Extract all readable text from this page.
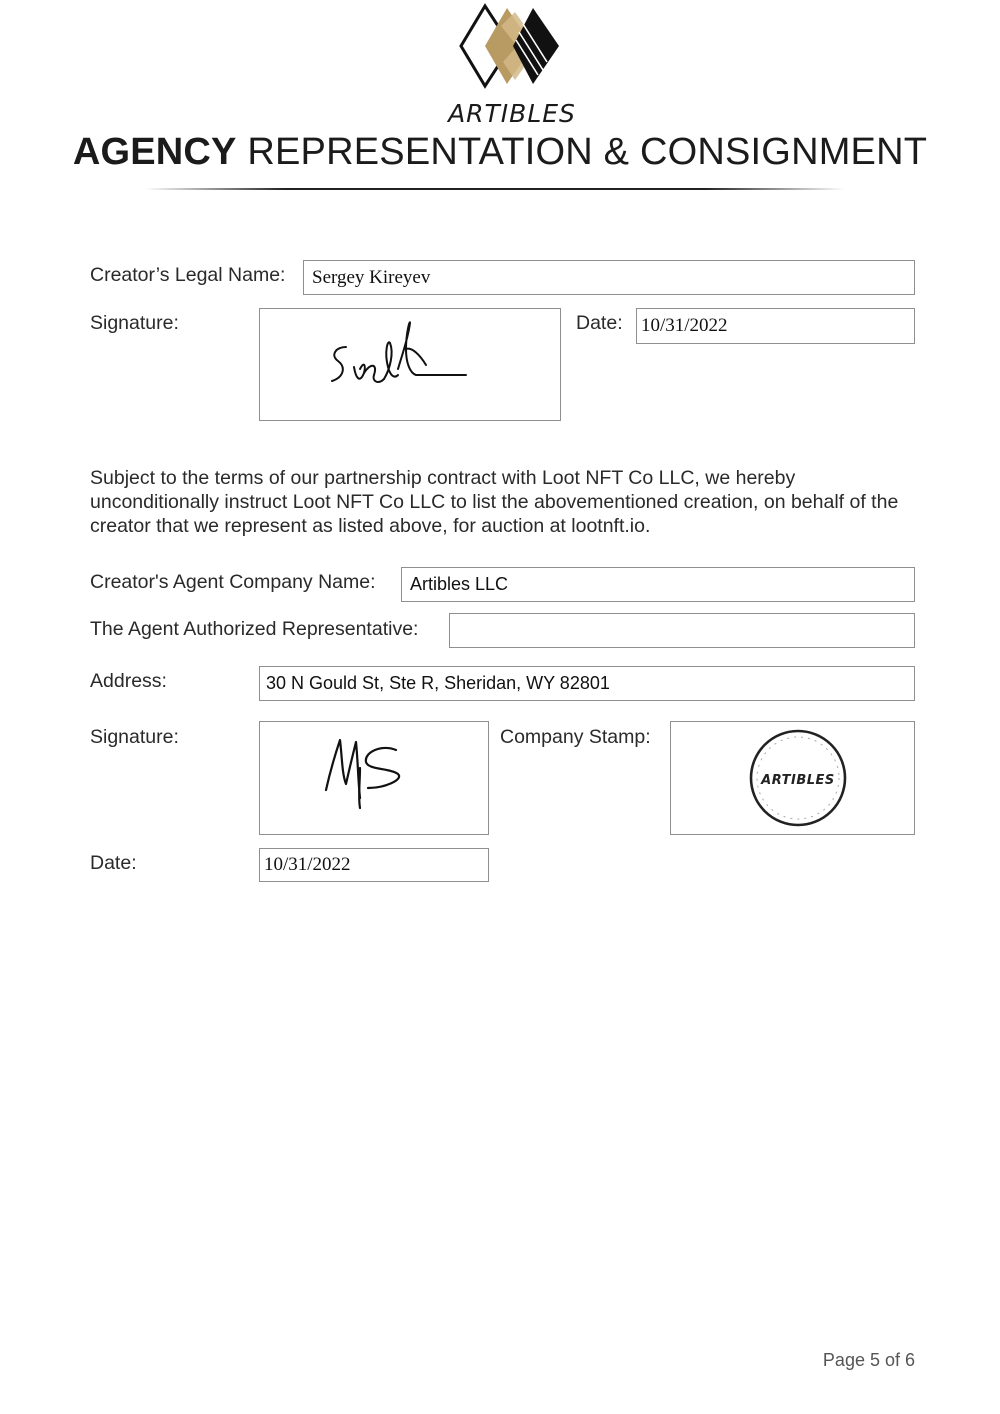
ARTIBLES
AGENCY REPRESENTATION & CONSIGNMENT
Creator’s Legal Name:	Sergey Kireyev
Signature:	Date: 10/31/2022
Subject to the terms of our partnership contract with Loot NFT Co LLC, we hereby unconditionally instruct Loot NFT Co LLC to list the abovementioned creation, on behalf of the creator that we represent as listed above, for auction at lootnft.io.
Creator's Agent Company Name:	Artibles LLC
The Agent Authorized Representative:
Address:	30 N Gould St, Ste R, Sheridan, WY 82801
Signature:	Company Stamp:
ARTIBLES
Date:	10/31/2022
Page 5 of 6
